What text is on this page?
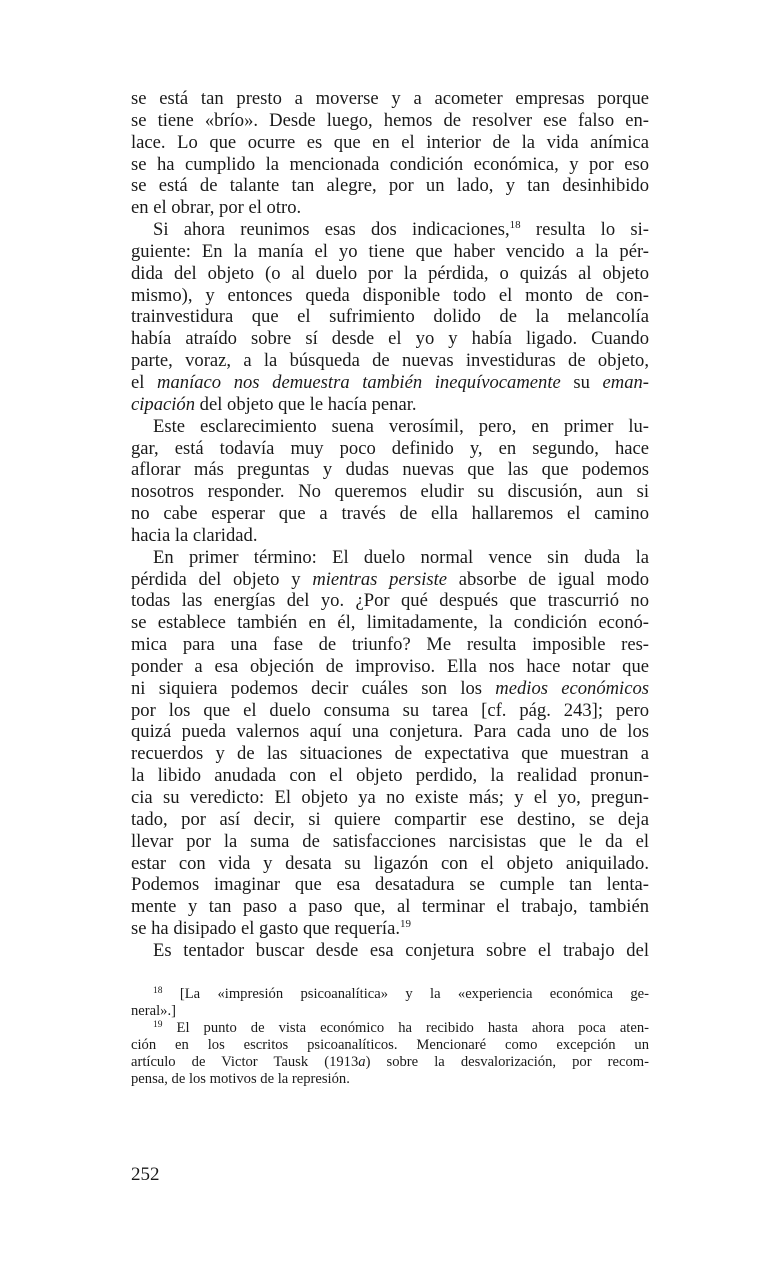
se está tan presto a moverse y a acometer empresas porque
se tiene «brío». Desde luego, hemos de resolver ese falso en-
lace. Lo que ocurre es que en el interior de la vida anímica
se ha cumplido la mencionada condición económica, y por eso
se está de talante tan alegre, por un lado, y tan desinhibido
en el obrar, por el otro.
Si ahora reunimos esas dos indicaciones,$^{18}$ resulta lo si-
guiente: En la manía el yo tiene que haber vencido a la pér-
dida del objeto (o al duelo por la pérdida, o quizás al objeto
mismo), y entonces queda disponible todo el monto de con-
trainvestidura que el sufrimiento dolido de la melancolía
había atraído sobre sí desde el yo y había ligado. Cuando
parte, voraz, a la búsqueda de nuevas investiduras de objeto,
el maníaco nos demuestra también inequívocamente su eman-
cipación del objeto que le hacía penar.
Este esclarecimiento suena verosímil, pero, en primer lu-
gar, está todavía muy poco definido y, en segundo, hace
aflorar más preguntas y dudas nuevas que las que podemos
nosotros responder. No queremos eludir su discusión, aun si
no cabe esperar que a través de ella hallaremos el camino
hacia la claridad.
En primer término: El duelo normal vence sin duda la
pérdida del objeto y mientras persiste absorbe de igual modo
todas las energías del yo. ¿Por qué después que trascurrió no
se establece también en él, limitadamente, la condición econó-
mica para una fase de triunfo? Me resulta imposible res-
ponder a esa objeción de improviso. Ella nos hace notar que
ni siquiera podemos decir cuáles son los medios económicos
por los que el duelo consuma su tarea [cf. pág. 243]; pero
quizá pueda valernos aquí una conjetura. Para cada uno de los
recuerdos y de las situaciones de expectativa que muestran a
la libido anudada con el objeto perdido, la realidad pronun-
cia su veredicto: El objeto ya no existe más; y el yo, pregun-
tado, por así decir, si quiere compartir ese destino, se deja
llevar por la suma de satisfacciones narcisistas que le da el
estar con vida y desata su ligazón con el objeto aniquilado.
Podemos imaginar que esa desatadura se cumple tan lenta-
mente y tan paso a paso que, al terminar el trabajo, también
se ha disipado el gasto que requería.$^{19}$
Es tentador buscar desde esa conjetura sobre el trabajo del
$^{18}$ [La «impresión psicoanalítica» y la «experiencia económica ge-
neral».]
$^{19}$ El punto de vista económico ha recibido hasta ahora poca aten-
ción en los escritos psicoanalíticos. Mencionaré como excepción un
artículo de Victor Tausk (1913a) sobre la desvalorización, por recom-
pensa, de los motivos de la represión.
252
